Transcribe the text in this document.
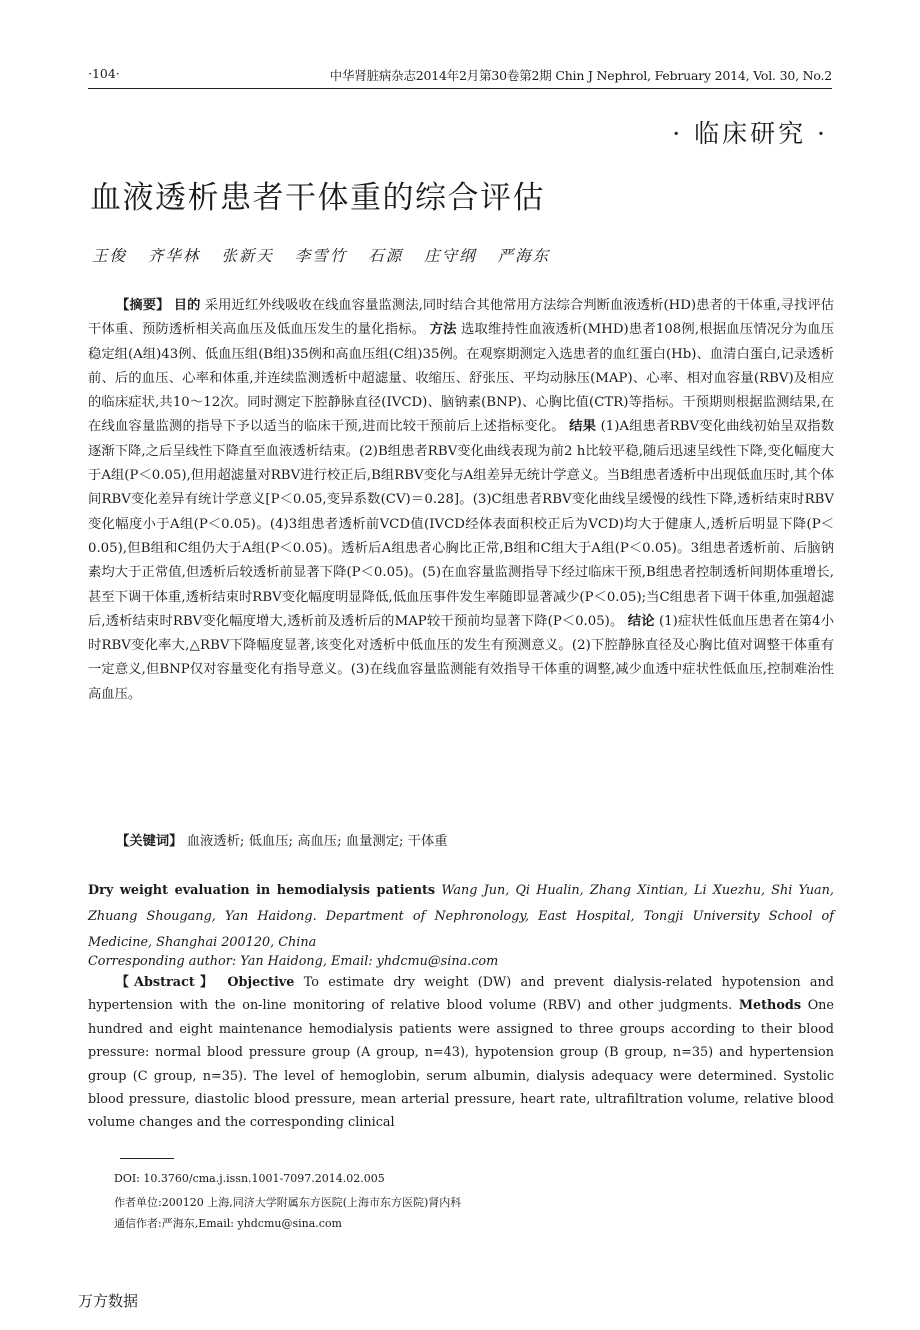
·104·	中华肾脏病杂志2014年2月第30卷第2期 Chin J Nephrol, February 2014, Vol. 30, No.2
· 临床研究 ·
血液透析患者干体重的综合评估
王俊 齐华林 张新天 李雪竹 石源 庄守纲 严海东

【摘要】 目的 采用近红外线吸收在线血容量监测法,同时结合其他常用方法综合判断血液透析(HD)患者的干体重,寻找评估干体重、预防透析相关高血压及低血压发生的量化指标。 方法 选取维持性血液透析(MHD)患者108例,根据血压情况分为血压稳定组(A组)43例、低血压组(B组)35例和高血压组(C组)35例。在观察期测定入选患者的血红蛋白(Hb)、血清白蛋白,记录透析前、后的血压、心率和体重,并连续监测透析中超滤量、收缩压、舒张压、平均动脉压(MAP)、心率、相对血容量(RBV)及相应的临床症状,共10～12次。同时测定下腔静脉直径(IVCD)、脑钠素(BNP)、心胸比值(CTR)等指标。干预期则根据监测结果,在在线血容量监测的指导下予以适当的临床干预,进而比较干预前后上述指标变化。 结果 (1)A组患者RBV变化曲线初始呈双指数逐渐下降,之后呈线性下降直至血液透析结束。(2)B组患者RBV变化曲线表现为前2 h比较平稳,随后迅速呈线性下降,变化幅度大于A组(P＜0.05),但用超滤量对RBV进行校正后,B组RBV变化与A组差异无统计学意义。当B组患者透析中出现低血压时,其个体间RBV变化差异有统计学意义[P＜0.05,变异系数(CV)＝0.28]。(3)C组患者RBV变化曲线呈缓慢的线性下降,透析结束时RBV变化幅度小于A组(P＜0.05)。(4)3组患者透析前VCD值(IVCD经体表面积校正后为VCD)均大于健康人,透析后明显下降(P＜0.05),但B组和C组仍大于A组(P＜0.05)。透析后A组患者心胸比正常,B组和C组大于A组(P＜0.05)。3组患者透析前、后脑钠素均大于正常值,但透析后较透析前显著下降(P＜0.05)。(5)在血容量监测指导下经过临床干预,B组患者控制透析间期体重增长,甚至下调干体重,透析结束时RBV变化幅度明显降低,低血压事件发生率随即显著减少(P＜0.05);当C组患者下调干体重,加强超滤后,透析结束时RBV变化幅度增大,透析前及透析后的MAP较干预前均显著下降(P＜0.05)。 结论 (1)症状性低血压患者在第4小时RBV变化率大,△RBV下降幅度显著,该变化对透析中低血压的发生有预测意义。(2)下腔静脉直径及心胸比值对调整干体重有一定意义,但BNP仅对容量变化有指导意义。(3)在线血容量监测能有效指导干体重的调整,减少血透中症状性低血压,控制难治性高血压。

【关键词】 血液透析; 低血压; 高血压; 血量测定; 干体重

Dry weight evaluation in hemodialysis patients Wang Jun, Qi Hualin, Zhang Xintian, Li Xuezhu, Shi Yuan, Zhuang Shougang, Yan Haidong. Department of Nephronology, East Hospital, Tongji University School of Medicine, Shanghai 200120, China

Corresponding author: Yan Haidong, Email: yhdcmu@sina.com

【Abstract】 Objective To estimate dry weight (DW) and prevent dialysis-related hypotension and hypertension with the on-line monitoring of relative blood volume (RBV) and other judgments. Methods One hundred and eight maintenance hemodialysis patients were assigned to three groups according to their blood pressure: normal blood pressure group (A group, n=43), hypotension group (B group, n=35) and hypertension group (C group, n=35). The level of hemoglobin, serum albumin, dialysis adequacy were determined. Systolic blood pressure, diastolic blood pressure, mean arterial pressure, heart rate, ultrafiltration volume, relative blood volume changes and the corresponding clinical

DOI: 10.3760/cma.j.issn.1001-7097.2014.02.005
作者单位:200120 上海,同济大学附属东方医院(上海市东方医院)肾内科
通信作者:严海东,Email: yhdcmu@sina.com
万方数据
